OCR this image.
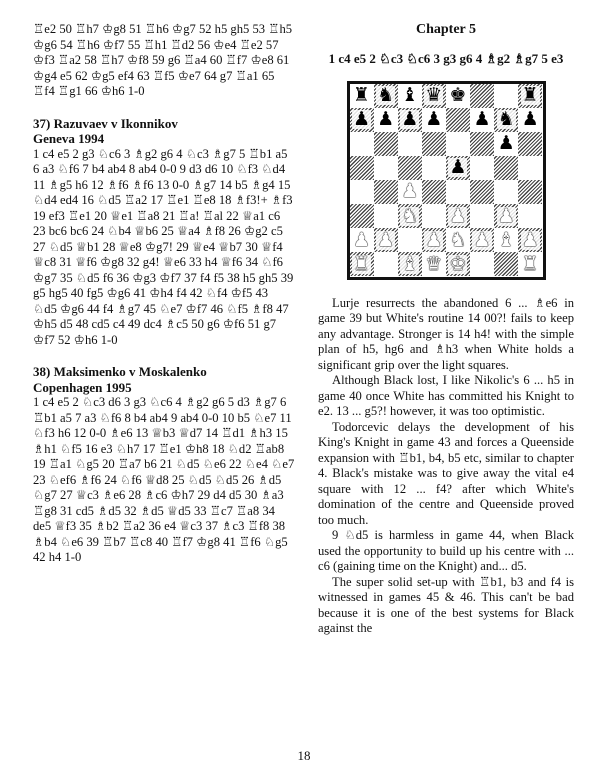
♖e2 50 ♖h7 ♔g8 51 ♖h6 ♔g7 52 h5 gh5 53 ♖h5 ♔g6 54 ♖h6 ♔f7 55 ♖h1 ♖d2 56 ♔e4 ♖e2 57 ♔f3 ♖a2 58 ♖h7 ♔f8 59 g6 ♖a4 60 ♖f7 ♔e8 61 ♔g4 e5 62 ♔g5 ef4 63 ♖f5 ♔e7 64 g7 ♖a1 65 ♖f4 ♖g1 66 ♔h6 1-0

37) Razuvaev v Ikonnikov

Geneva 1994

1 c4 e5 2 g3 ♘c6 3 ♗g2 g6 4 ♘c3 ♗g7 5 ♖b1 a5 6 a3 ♘f6 7 b4 ab4 8 ab4 0-0 9 d3 d6 10 ♘f3 ♘d4 11 ♗g5 h6 12 ♗f6 ♗f6 13 0-0 ♗g7 14 b5 ♗g4 15 ♘d4 ed4 16 ♘d5 ♖a2 17 ♖e1 ♖e8 18 ♗f3!+ ♗f3 19 ef3 ♖e1 20 ♕e1 ♖a8 21 ♖a! ♖al 22 ♕a1 c6 23 bc6 bc6 24 ♘b4 ♕b6 25 ♕a4 ♗f8 26 ♔g2 c5 27 ♘d5 ♕b1 28 ♕e8 ♔g7! 29 ♕e4 ♕b7 30 ♕f4 ♕c8 31 ♕f6 ♔g8 32 g4! ♕e6 33 h4 ♕f6 34 ♘f6 ♔g7 35 ♘d5 f6 36 ♔g3 ♔f7 37 f4 f5 38 h5 gh5 39 g5 hg5 40 fg5 ♔g6 41 ♔h4 f4 42 ♘f4 ♔f5 43 ♘d5 ♔g6 44 f4 ♗g7 45 ♘e7 ♔f7 46 ♘f5 ♗f8 47 ♔h5 d5 48 cd5 c4 49 dc4 ♗c5 50 g6 ♔f6 51 g7 ♔f7 52 ♔h6 1-0

38) Maksimenko v Moskalenko

Copenhagen 1995

1 c4 e5 2 ♘c3 d6 3 g3 ♘c6 4 ♗g2 g6 5 d3 ♗g7 6 ♖b1 a5 7 a3 ♘f6 8 b4 ab4 9 ab4 0-0 10 b5 ♘e7 11 ♘f3 h6 12 0-0 ♗e6 13 ♕b3 ♕d7 14 ♖d1 ♗h3 15 ♗h1 ♘f5 16 e3 ♘h7 17 ♖e1 ♔h8 18 ♘d2 ♖ab8 19 ♖a1 ♘g5 20 ♖a7 b6 21 ♘d5 ♘e6 22 ♘e4 ♘e7 23 ♘ef6 ♗f6 24 ♘f6 ♕d8 25 ♘d5 ♘d5 26 ♗d5 ♘g7 27 ♕c3 ♗e6 28 ♗c6 ♔h7 29 d4 d5 30 ♗a3 ♖g8 31 cd5 ♗d5 32 ♗d5 ♕d5 33 ♖c7 ♖a8 34 de5 ♕f3 35 ♗b2 ♖a2 36 e4 ♕c3 37 ♗c3 ♖f8 38 ♗b4 ♘e6 39 ♖b7 ♖c8 40 ♖f7 ♔g8 41 ♖f6 ♘g5 42 h4 1-0

Chapter 5

1 c4 e5 2 ♘c3 ♘c6 3 g3 g6 4 ♗g2 ♗g7 5 e3

♜ ♞ ♝ ♛ ♚	♜
♟ ♟ ♟ ♟ ♟ ♞ ♟
♟
♟
♟
♞ ♟ ♟
♟ ♟ ♟ ♞ ♟ ♝ ♟
♜ ♝ ♛ ♚	♜

Lurje resurrects the abandoned 6 ... ♗e6 in game 39 but White's routine 14 00?! fails to keep any advantage. Stronger is 14 h4! with the simple plan of h5, hg6 and ♗h3 when White holds a significant grip over the light squares.

Although Black lost, I like Nikolic's 6 ... h5 in game 40 once White has committed his Knight to e2. 13 ... g5?! however, it was too optimistic.

Todorcevic delays the development of his King's Knight in game 43 and forces a Queenside expansion with ♖b1, b4, b5 etc, similar to chapter 4. Black's mistake was to give away the vital e4 square with 12 ... f4? after which White's domination of the centre and Queenside proved too much.

9 ♘d5 is harmless in game 44, when Black used the opportunity to build up his centre with ... c6 (gaining time on the Knight) and... d5.

The super solid set-up with ♖b1, b3 and f4 is witnessed in games 45 & 46. This can't be bad because it is one of the best systems for Black against the

18
